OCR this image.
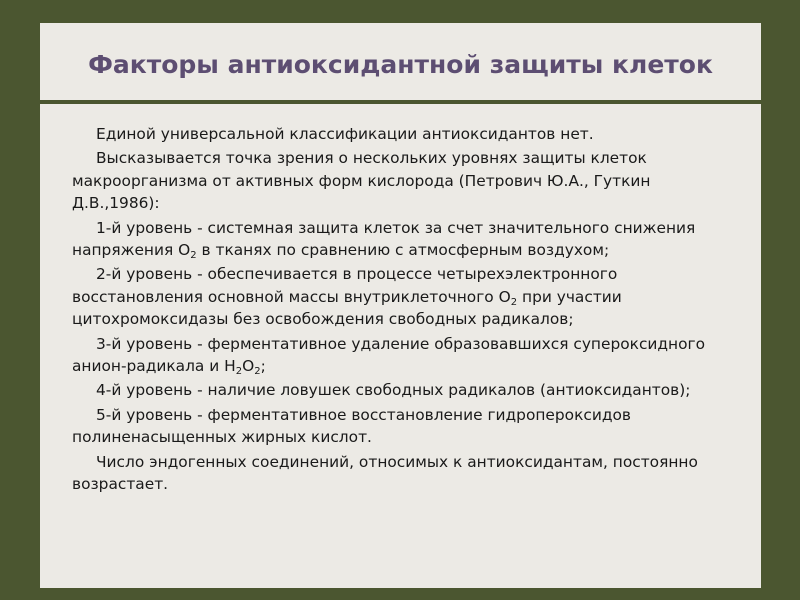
Факторы антиоксидантной защиты клеток

Единой универсальной классификации антиоксидантов нет.

Высказывается точка зрения о нескольких уровнях защиты клеток макроорганизма от активных форм кислорода (Петрович Ю.А., Гуткин Д.В.,1986):

1-й уровень - системная защита клеток за счет значительного снижения напряжения $О_2$ в тканях по сравнению с атмосферным воздухом;

2-й уровень - обеспечивается в процессе четырехэлектронного восстановления основной массы внутриклеточного $О_2$ при участии цитохромоксидазы без освобождения свободных радикалов;

3-й уровень - ферментативное удаление образовавшихся супероксидного анион-радикала и $Н_2О_2$;

4-й уровень - наличие ловушек свободных радикалов (антиоксидантов);

5-й уровень - ферментативное восстановление гидропероксидов полиненасыщенных жирных кислот.

Число эндогенных соединений, относимых к антиоксидантам, постоянно возрастает.
